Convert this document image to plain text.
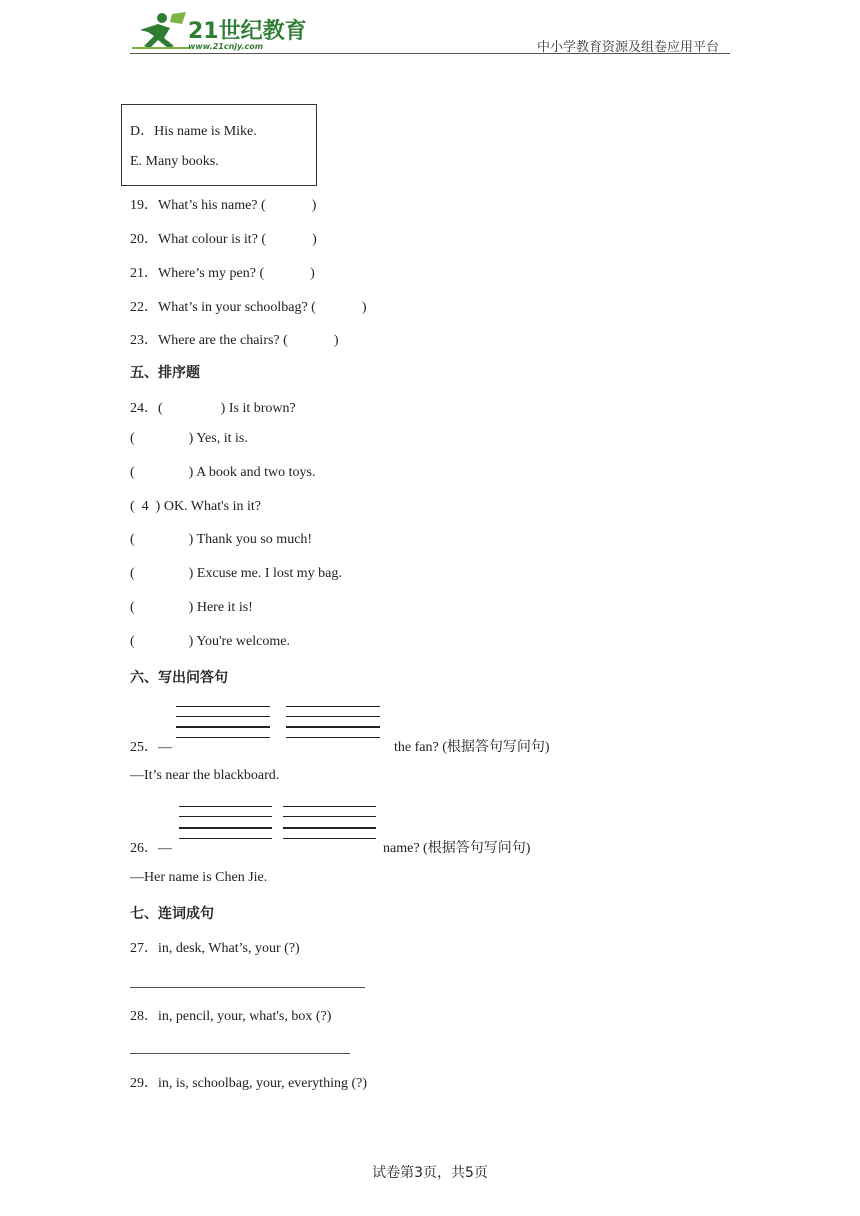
21世纪教育
www.21cnjy.com	中小学教育资源及组卷应用平台
D．His name is Mike.
E. Many books.
19．What’s his name? (	)
20．What colour is it? (	)
21．Where’s my pen? (	)
22．What’s in your schoolbag? (	)
23．Where are the chairs? (	)
五、排序题
24．(	) Is it brown?
(	) Yes, it is.
(	) A book and two toys.
(  4  ) OK. What's in it?
(	) Thank you so much!
(	) Excuse me. I lost my bag.
(	) Here it is!
(	) You're welcome.
六、写出问答句
25．—	the fan? (根据答句写问句)
—It’s near the blackboard.
26．—	name? (根据答句写问句)
—Her name is Chen Jie.
七、连词成句
27．in, desk, What’s, your (?)
28．in, pencil, your, what's, box (?)
29．in, is, schoolbag, your, everything (?)
试卷第3页，共5页
